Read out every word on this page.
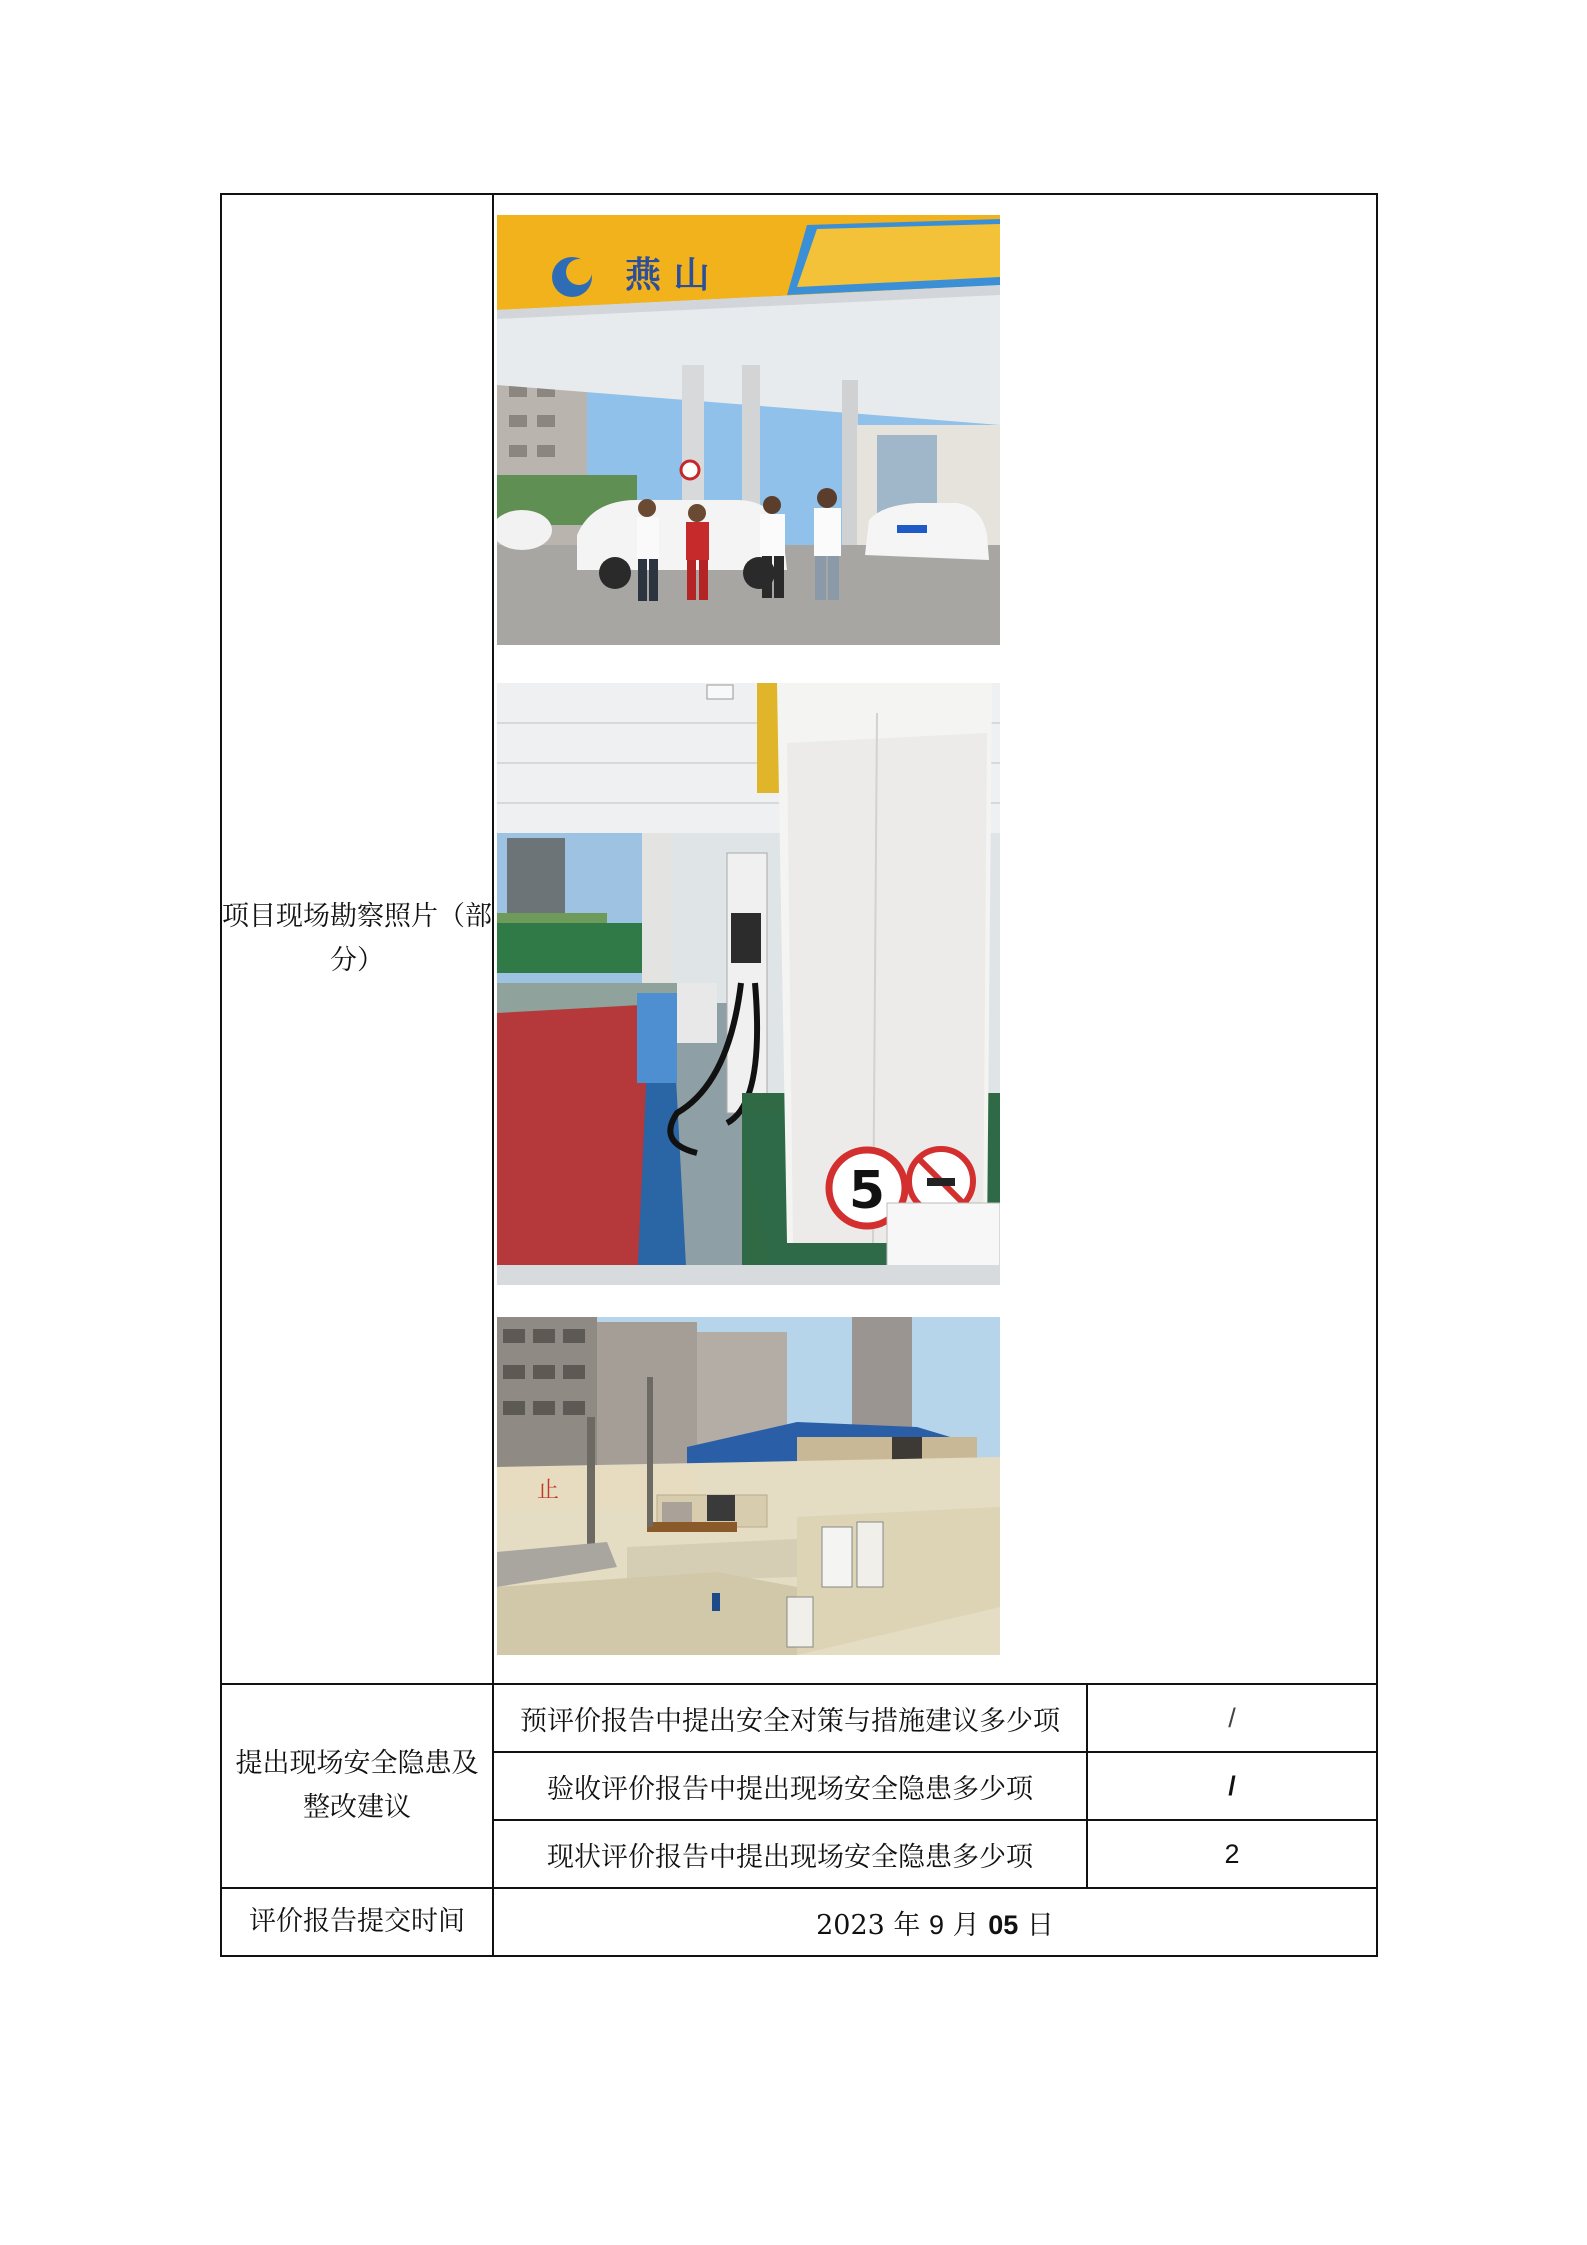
项目现场勘察照片（部分）	燕 山
5
止	

提出现场安全隐患及整改建议	预评价报告中提出安全对策与措施建议多少项	/
	验收评价报告中提出现场安全隐患多少项	/
	现状评价报告中提出现场安全隐患多少项	2
评价报告提交时间	2023 年 9 月 05 日	
